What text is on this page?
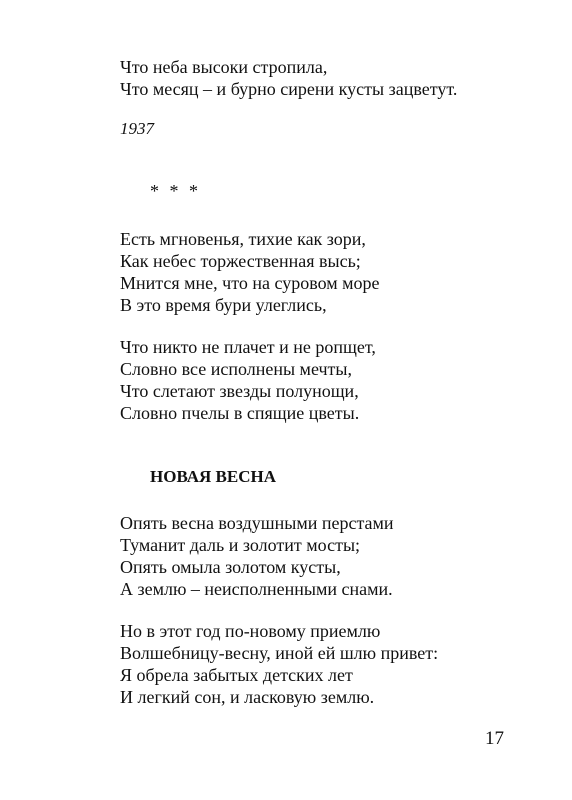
Что неба высоки стропила,
Что месяц – и бурно сирени кусты зацветут.
1937
* * *
Есть мгновенья, тихие как зори,
Как небес торжественная высь;
Мнится мне, что на суровом море
В это время бури улеглись,
Что никто не плачет и не ропщет,
Словно все исполнены мечты,
Что слетают звезды полунощи,
Словно пчелы в спящие цветы.
НОВАЯ ВЕСНА
Опять весна воздушными перстами
Туманит даль и золотит мосты;
Опять омыла золотом кусты,
А землю – неисполненными снами.
Но в этот год по-новому приемлю
Волшебницу-весну, иной ей шлю привет:
Я обрела забытых детских лет
И легкий сон, и ласковую землю.
17
